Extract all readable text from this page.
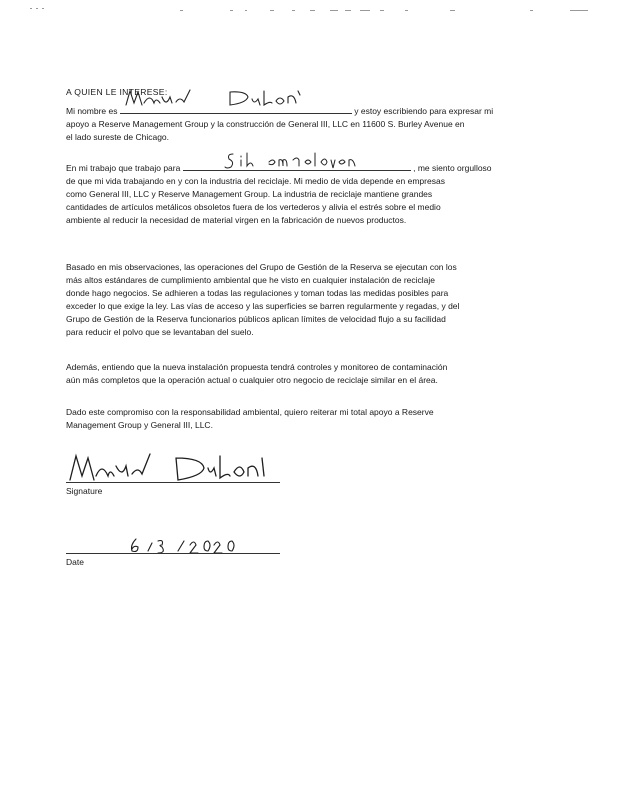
A QUIEN LE INTERESE:

Mi nombre es	y estoy escribiendo para expresar mi
apoyo a Reserve Management Group y la construcción de General III, LLC en 11600 S. Burley Avenue en
el lado sureste de Chicago.

En mi trabajo que trabajo para	, me siento orgulloso
de que mi vida trabajando en y con la industria del reciclaje. Mi medio de vida depende en empresas
como General III, LLC y Reserve Management Group. La industria de reciclaje mantiene grandes
cantidades de artículos metálicos obsoletos fuera de los vertederos y alivia el estrés sobre el medio
ambiente al reducir la necesidad de material virgen en la fabricación de nuevos productos.

Basado en mis observaciones, las operaciones del Grupo de Gestión de la Reserva se ejecutan con los
más altos estándares de cumplimiento ambiental que he visto en cualquier instalación de reciclaje
donde hago negocios. Se adhieren a todas las regulaciones y toman todas las medidas posibles para
exceder lo que exige la ley. Las vías de acceso y las superficies se barren regularmente y regadas, y del
Grupo de Gestión de la Reserva funcionarios públicos aplican límites de velocidad flujo a su facilidad
para reducir el polvo que se levantaban del suelo.

Además, entiendo que la nueva instalación propuesta tendrá controles y monitoreo de contaminación
aún más completos que la operación actual o cualquier otro negocio de reciclaje similar en el área.

Dado este compromiso con la responsabilidad ambiental, quiero reiterar mi total apoyo a Reserve
Management Group y General III, LLC.

Signature
Date
